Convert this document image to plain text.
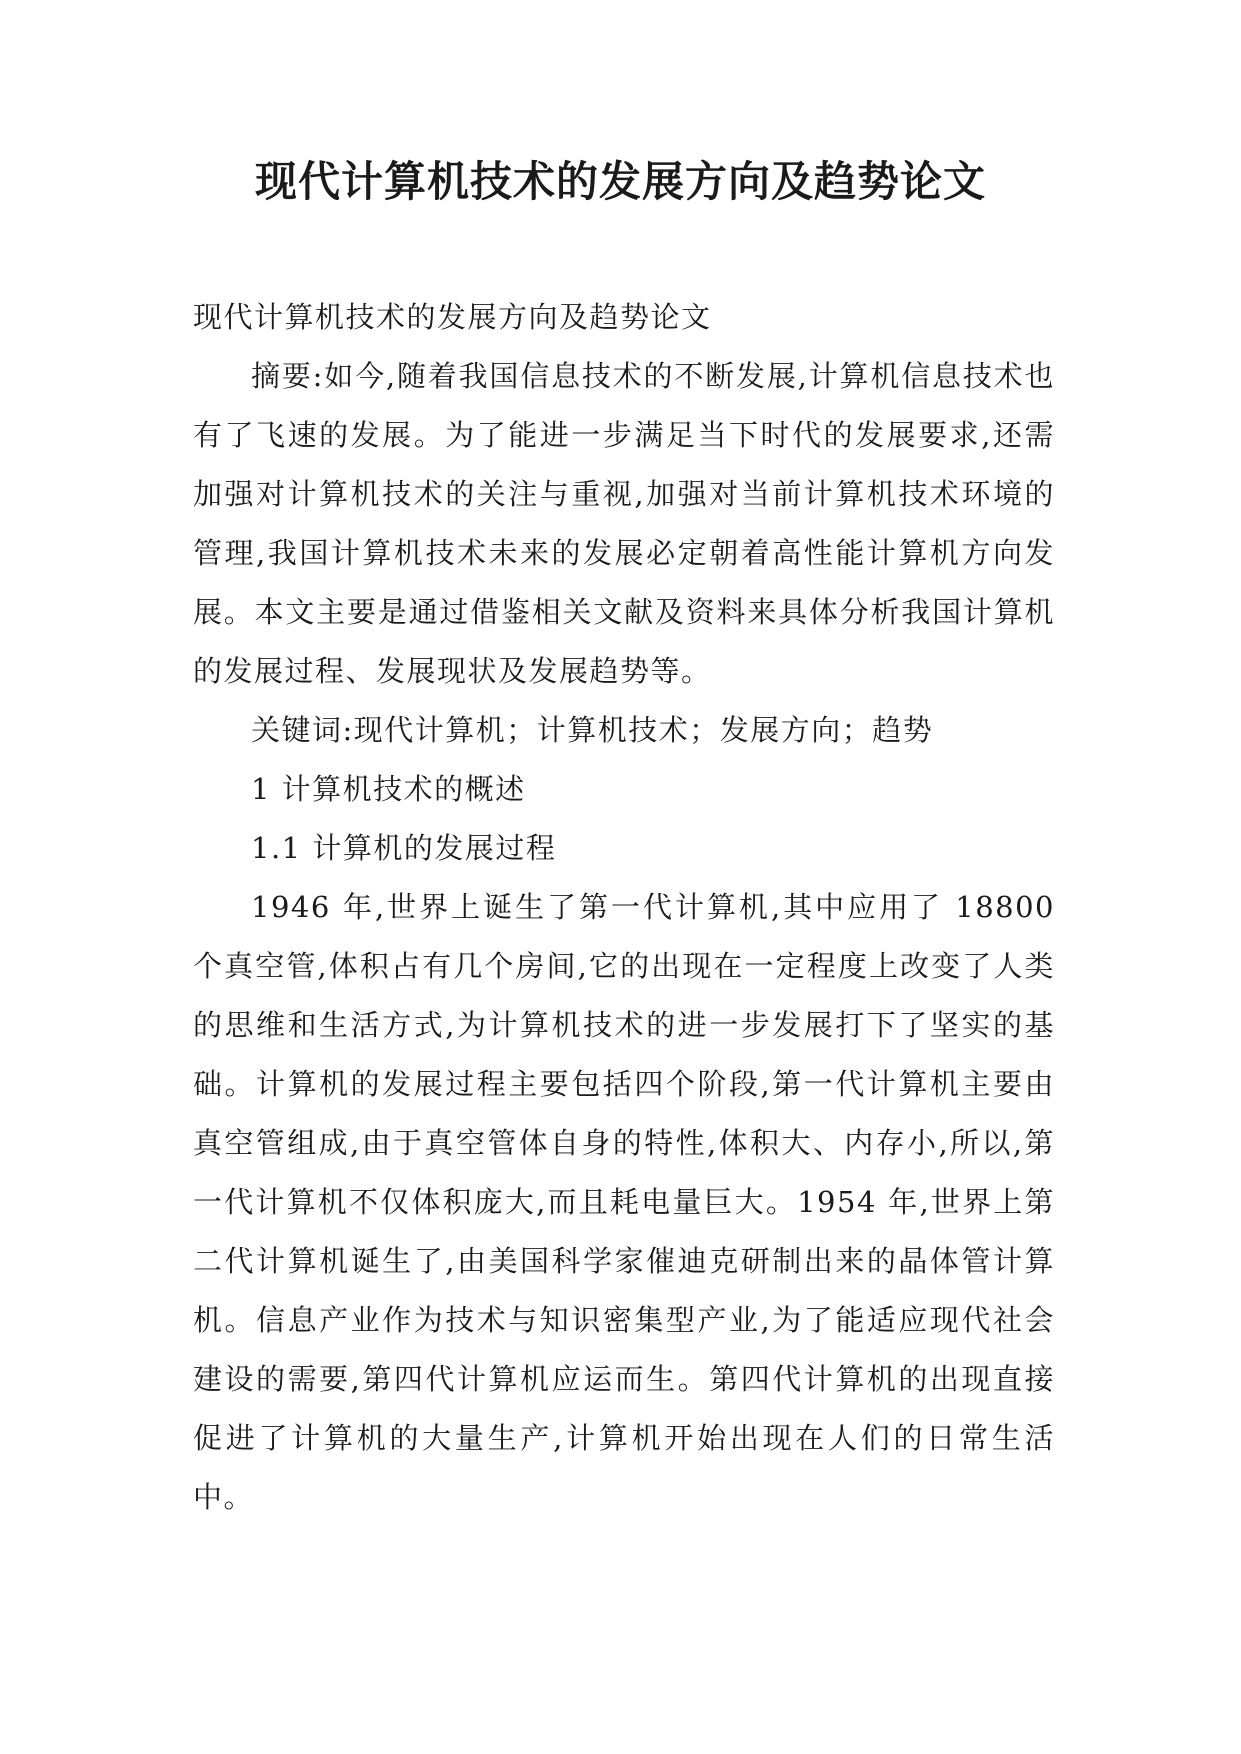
现代计算机技术的发展方向及趋势论文

现代计算机技术的发展方向及趋势论文

摘要:如今,随着我国信息技术的不断发展,计算机信息技术也有了飞速的发展。为了能进一步满足当下时代的发展要求,还需加强对计算机技术的关注与重视,加强对当前计算机技术环境的管理,我国计算机技术未来的发展必定朝着高性能计算机方向发展。本文主要是通过借鉴相关文献及资料来具体分析我国计算机的发展过程、发展现状及发展趋势等。

关键词:现代计算机；计算机技术；发展方向；趋势

1 计算机技术的概述

1.1 计算机的发展过程

1946 年,世界上诞生了第一代计算机,其中应用了 18800 个真空管,体积占有几个房间,它的出现在一定程度上改变了人类的思维和生活方式,为计算机技术的进一步发展打下了坚实的基础。计算机的发展过程主要包括四个阶段,第一代计算机主要由真空管组成,由于真空管体自身的特性,体积大、内存小,所以,第一代计算机不仅体积庞大,而且耗电量巨大。1954 年,世界上第二代计算机诞生了,由美国科学家催迪克研制出来的晶体管计算机。信息产业作为技术与知识密集型产业,为了能适应现代社会建设的需要,第四代计算机应运而生。第四代计算机的出现直接促进了计算机的大量生产,计算机开始出现在人们的日常生活中。
